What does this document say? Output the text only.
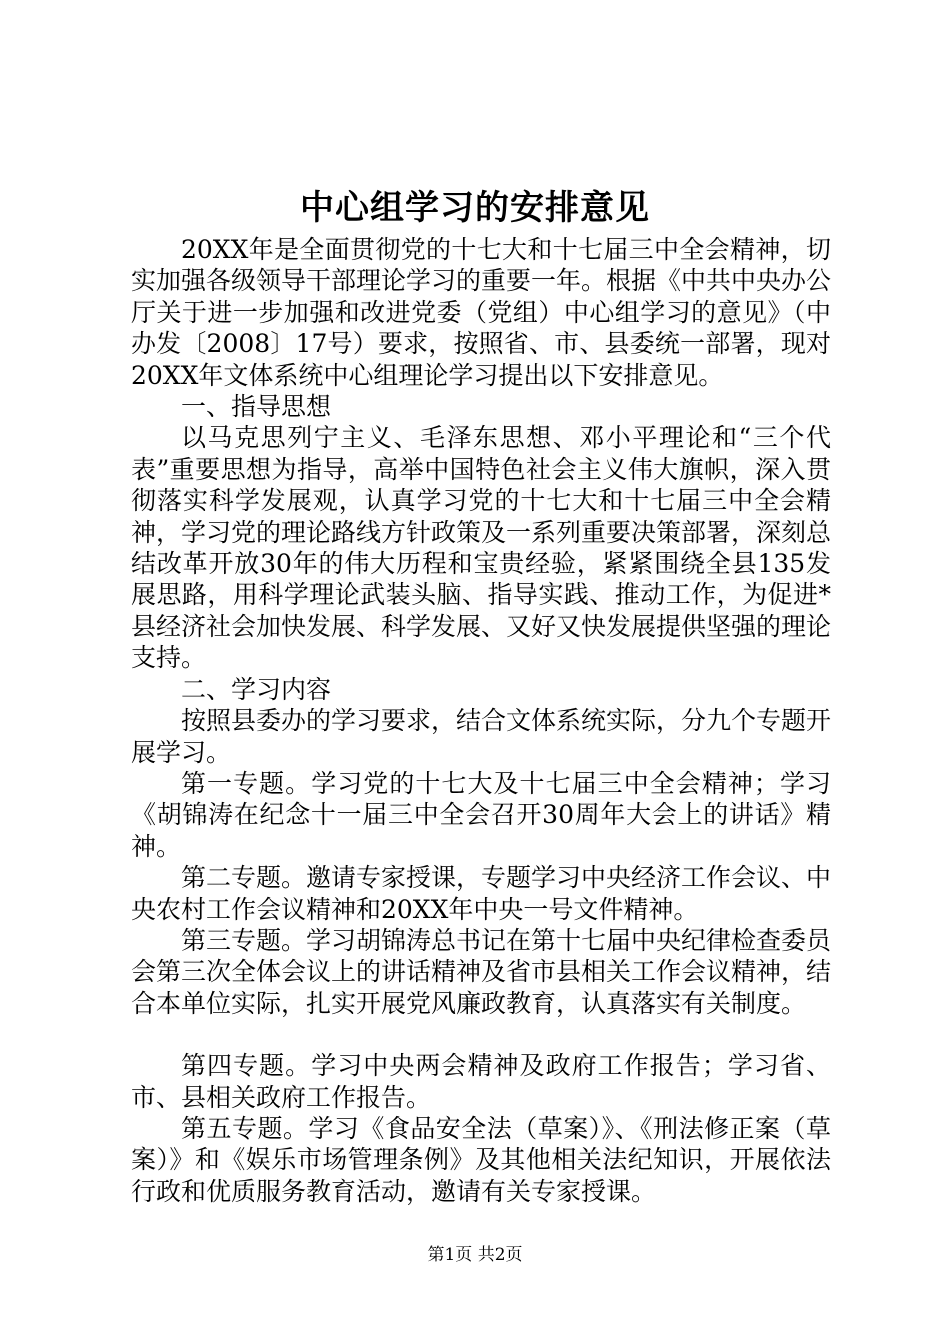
中心组学习的安排意见

20XX年是全面贯彻党的十七大和十七届三中全会精神，切实加强各级领导干部理论学习的重要一年。根据《中共中央办公厅关于进一步加强和改进党委（党组）中心组学习的意见》（中办发〔2008〕17号）要求，按照省、市、县委统一部署，现对20XX年文体系统中心组理论学习提出以下安排意见。

一、指导思想

以马克思列宁主义、毛泽东思想、邓小平理论和“三个代表”重要思想为指导，高举中国特色社会主义伟大旗帜，深入贯彻落实科学发展观，认真学习党的十七大和十七届三中全会精神，学习党的理论路线方针政策及一系列重要决策部署，深刻总结改革开放30年的伟大历程和宝贵经验，紧紧围绕全县135发展思路，用科学理论武装头脑、指导实践、推动工作，为促进*县经济社会加快发展、科学发展、又好又快发展提供坚强的理论支持。

二、学习内容

按照县委办的学习要求，结合文体系统实际，分九个专题开展学习。

第一专题。学习党的十七大及十七届三中全会精神；学习《胡锦涛在纪念十一届三中全会召开30周年大会上的讲话》精神。

第二专题。邀请专家授课，专题学习中央经济工作会议、中央农村工作会议精神和20XX年中央一号文件精神。

第三专题。学习胡锦涛总书记在第十七届中央纪律检查委员会第三次全体会议上的讲话精神及省市县相关工作会议精神，结合本单位实际，扎实开展党风廉政教育，认真落实有关制度。

第四专题。学习中央两会精神及政府工作报告；学习省、市、县相关政府工作报告。

第五专题。学习《食品安全法（草案）》、《刑法修正案（草案）》和《娱乐市场管理条例》及其他相关法纪知识，开展依法行政和优质服务教育活动，邀请有关专家授课。

第1页 共2页
